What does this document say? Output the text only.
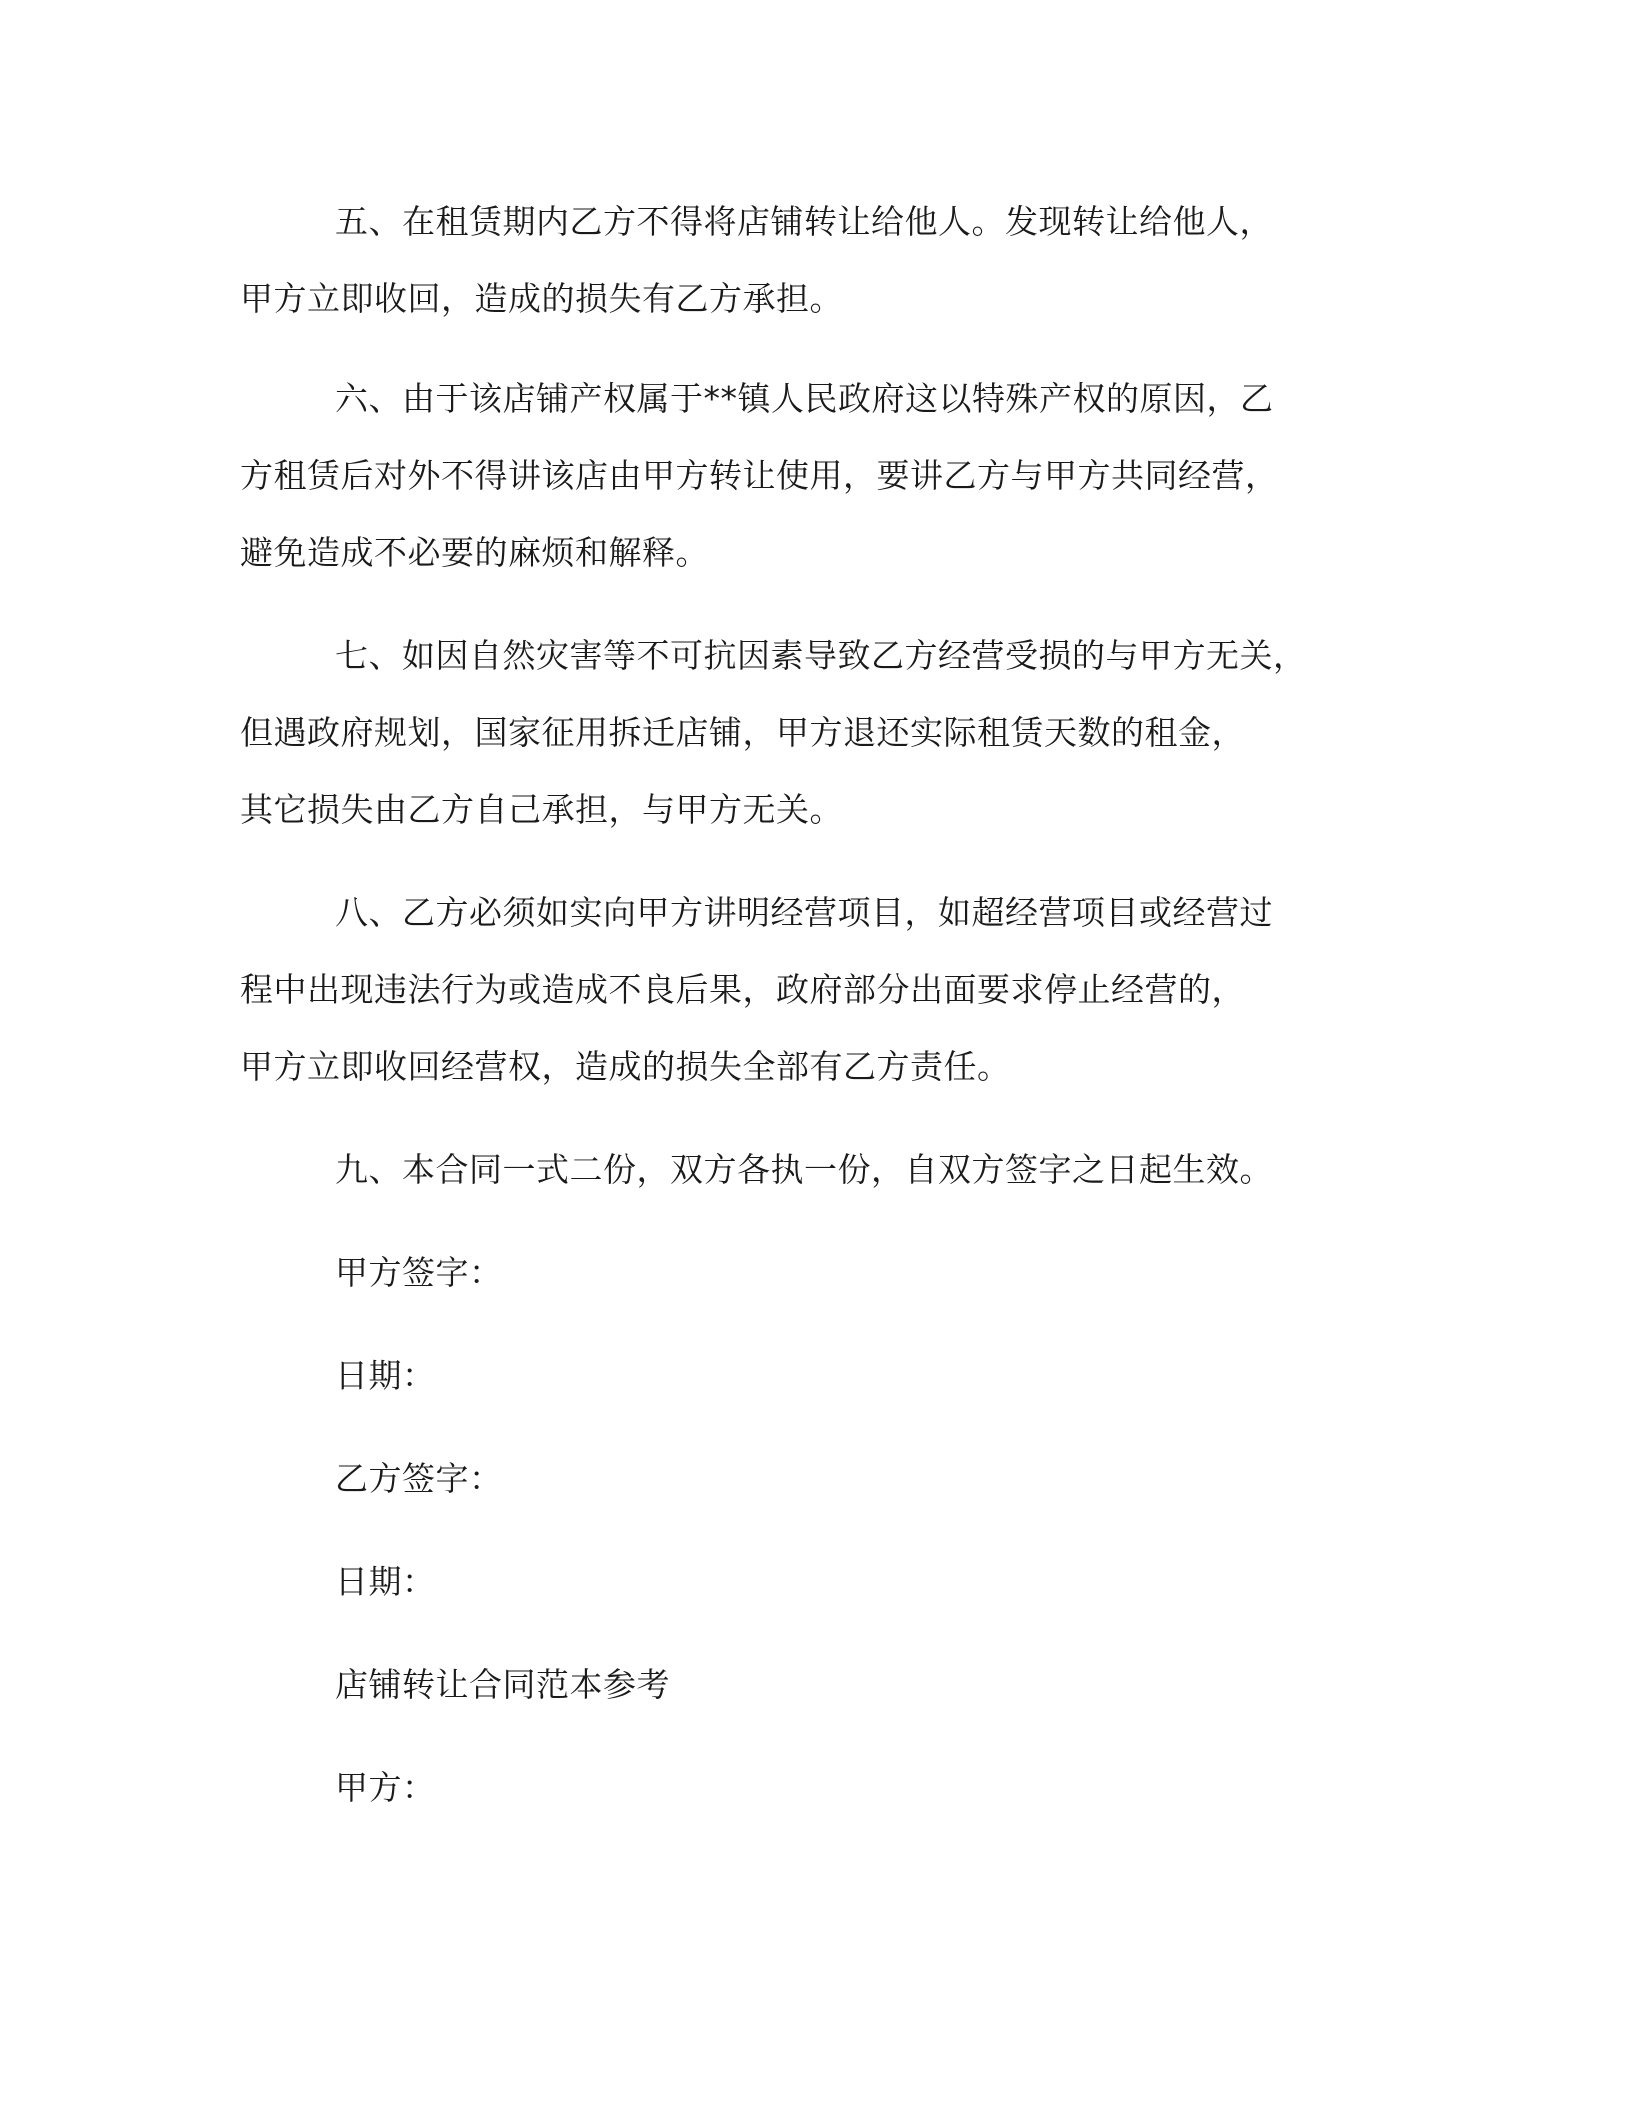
五、在租赁期内乙方不得将店铺转让给他人。发现转让给他人，
甲方立即收回，造成的损失有乙方承担。
六、由于该店铺产权属于**镇人民政府这以特殊产权的原因，乙
方租赁后对外不得讲该店由甲方转让使用，要讲乙方与甲方共同经营，
避免造成不必要的麻烦和解释。
七、如因自然灾害等不可抗因素导致乙方经营受损的与甲方无关，
但遇政府规划，国家征用拆迁店铺，甲方退还实际租赁天数的租金，
其它损失由乙方自己承担，与甲方无关。
八、乙方必须如实向甲方讲明经营项目，如超经营项目或经营过
程中出现违法行为或造成不良后果，政府部分出面要求停止经营的，
甲方立即收回经营权，造成的损失全部有乙方责任。
九、本合同一式二份，双方各执一份，自双方签字之日起生效。
甲方签字：
日期：
乙方签字：
日期：
店铺转让合同范本参考
甲方：
